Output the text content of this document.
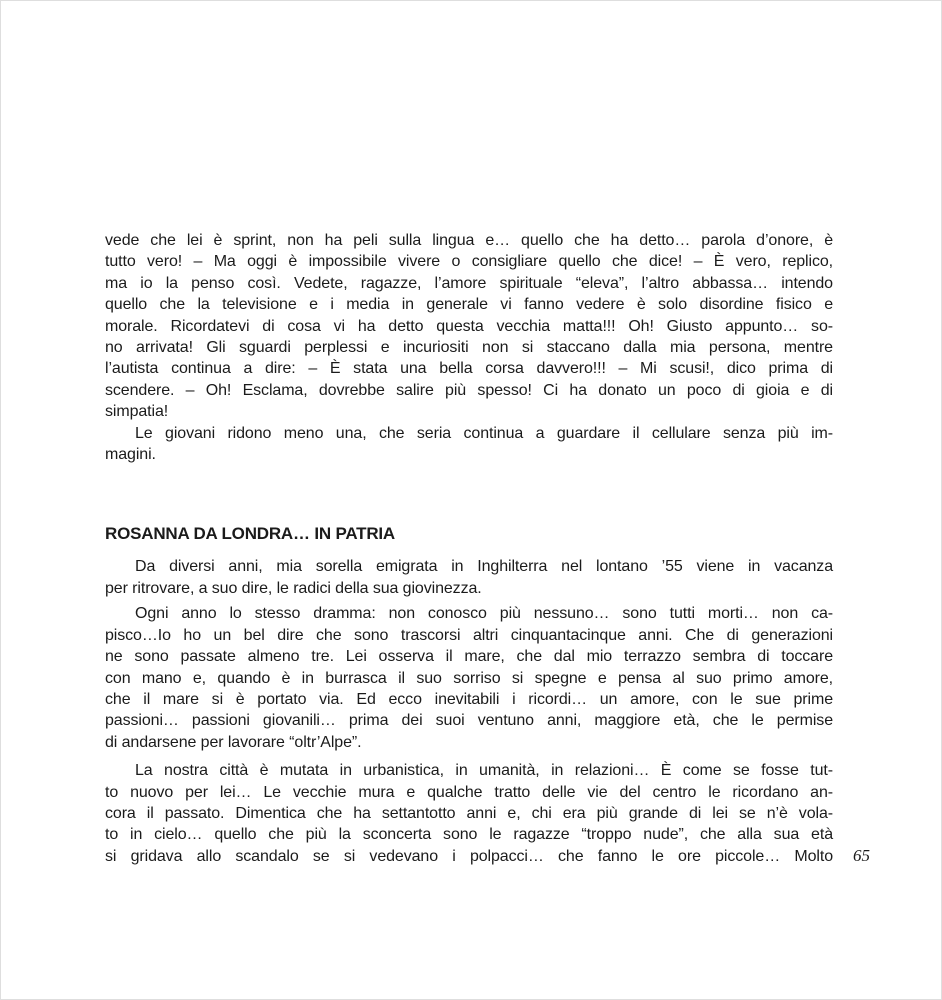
vede che lei è sprint, non ha peli sulla lingua e… quello che ha detto… parola d’onore, è
tutto vero! – Ma oggi è impossibile vivere o consigliare quello che dice! – È vero, replico,
ma io la penso così. Vedete, ragazze, l’amore spirituale “eleva”, l’altro abbassa… intendo
quello che la televisione e i media in generale vi fanno vedere è solo disordine fisico e
morale. Ricordatevi di cosa vi ha detto questa vecchia matta!!! Oh! Giusto appunto… so-
no arrivata! Gli sguardi perplessi e incuriositi non si staccano dalla mia persona, mentre
l’autista continua a dire: – È stata una bella corsa davvero!!! – Mi scusi!, dico prima di
scendere. – Oh! Esclama, dovrebbe salire più spesso! Ci ha donato un poco di gioia e di
simpatia!
Le giovani ridono meno una, che seria continua a guardare il cellulare senza più im-
magini.
ROSANNA DA LONDRA… IN PATRIA
Da diversi anni, mia sorella emigrata in Inghilterra nel lontano ’55 viene in vacanza
per ritrovare, a suo dire, le radici della sua giovinezza.
Ogni anno lo stesso dramma: non conosco più nessuno… sono tutti morti… non ca-
pisco…Io ho un bel dire che sono trascorsi altri cinquantacinque anni. Che di generazioni
ne sono passate almeno tre. Lei osserva il mare, che dal mio terrazzo sembra di toccare
con mano e, quando è in burrasca il suo sorriso si spegne e pensa al suo primo amore,
che il mare si è portato via. Ed ecco inevitabili i ricordi… un amore, con le sue prime
passioni… passioni giovanili… prima dei suoi ventuno anni, maggiore età, che le permise
di andarsene per lavorare “oltr’Alpe”.
La nostra città è mutata in urbanistica, in umanità, in relazioni… È come se fosse tut-
to nuovo per lei… Le vecchie mura e qualche tratto delle vie del centro le ricordano an-
cora il passato. Dimentica che ha settantotto anni e, chi era più grande di lei se n’è vola-
to in cielo… quello che più la sconcerta sono le ragazze “troppo nude”, che alla sua età
si gridava allo scandalo se si vedevano i polpacci… che fanno le ore piccole… Molto 65
